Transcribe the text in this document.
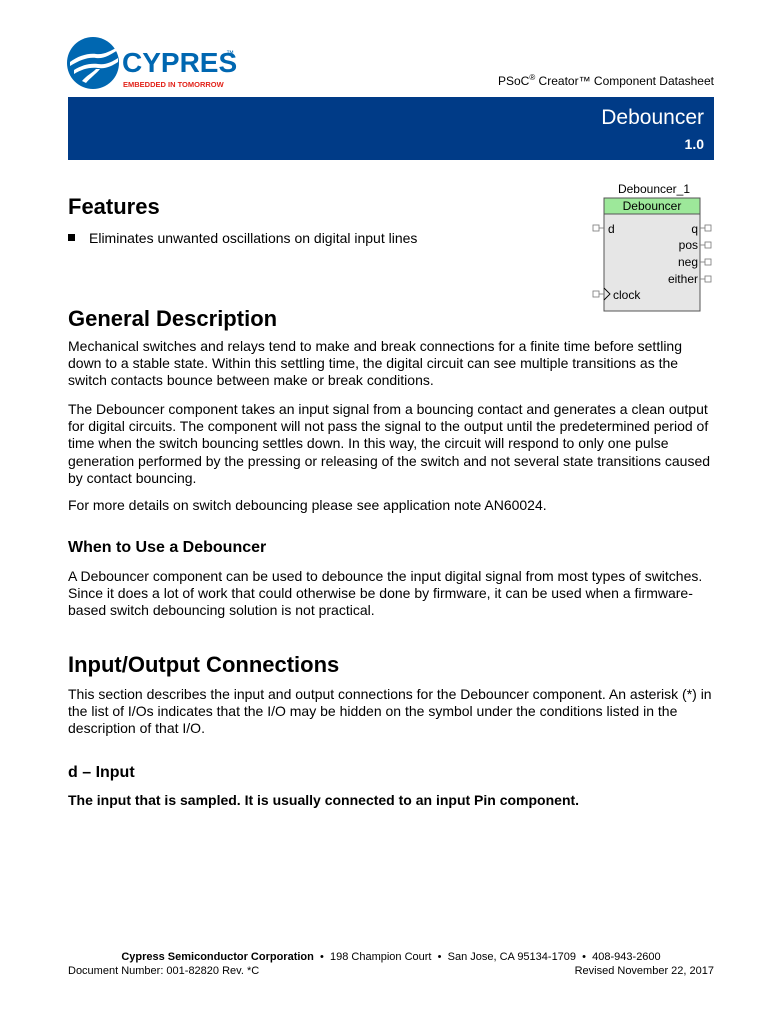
CYPRES
™
EMBEDDED IN TOMORROW	PSoC® Creator™ Component Datasheet
Debouncer
1.0
Debouncer_1
Debouncer
d
clock
q
pos
neg
either
Features
Eliminates unwanted oscillations on digital input lines
General Description

Mechanical switches and relays tend to make and break connections for a finite time before settling down to a stable state. Within this settling time, the digital circuit can see multiple transitions as the switch contacts bounce between make or break conditions.

The Debouncer component takes an input signal from a bouncing contact and generates a clean output for digital circuits. The component will not pass the signal to the output until the predetermined period of time when the switch bouncing settles down. In this way, the circuit will respond to only one pulse generation performed by the pressing or releasing of the switch and not several state transitions caused by contact bouncing.

For more details on switch debouncing please see application note AN60024.

When to Use a Debouncer

A Debouncer component can be used to debounce the input digital signal from most types of switches. Since it does a lot of work that could otherwise be done by firmware, it can be used when a firmware-based switch debouncing solution is not practical.

Input/Output Connections

This section describes the input and output connections for the Debouncer component. An asterisk (*) in the list of I/Os indicates that the I/O may be hidden on the symbol under the conditions listed in the description of that I/O.

d – Input

The input that is sampled. It is usually connected to an input Pin component.

Cypress Semiconductor Corporation • 198 Champion Court • San Jose, CA 95134-1709 • 408-943-2600
Document Number: 001-82820 Rev. *C	Revised November 22, 2017
